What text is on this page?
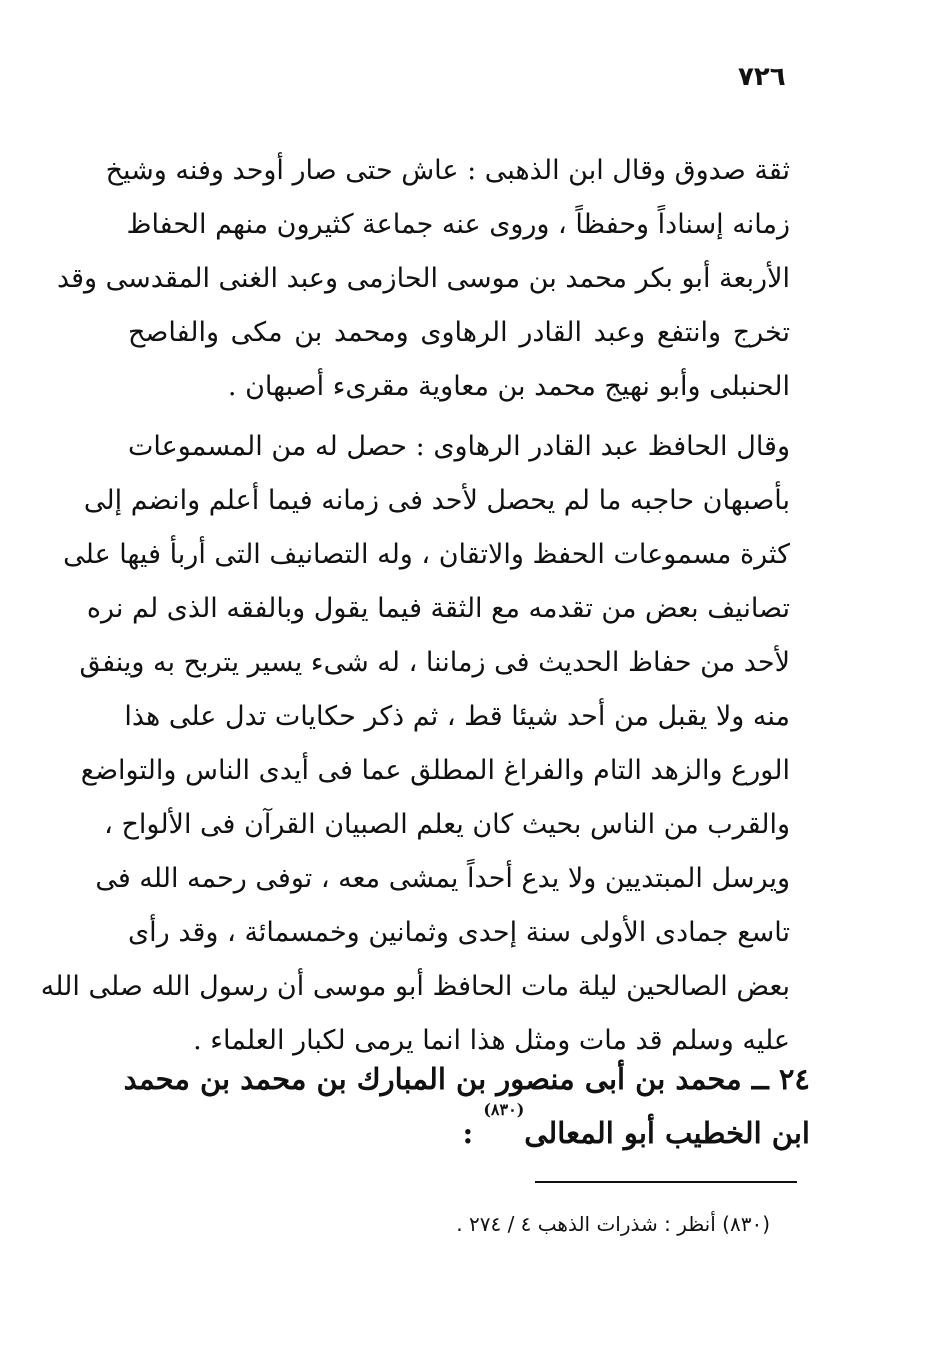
٧٢٦
ثقة صدوق وقال ابن الذهبى : عاش حتى صار أوحد وفنه وشيخ
زمانه إسناداً وحفظاً ، وروى عنه جماعة كثيرون منهم الحفاظ
الأربعة أبو بكر محمد بن موسى الحازمى وعبد الغنى المقدسى وقد
تخرج وانتفع وعبد القادر الرهاوى ومحمد بن مكى والفاصح
الحنبلى وأبو نهيج محمد بن معاوية مقرىء أصبهان .
وقال الحافظ عبد القادر الرهاوى : حصل له من المسموعات
بأصبهان حاجبه ما لم يحصل لأحد فى زمانه فيما أعلم وانضم إلى
كثرة مسموعات الحفظ والاتقان ، وله التصانيف التى أربأ فيها على
تصانيف بعض من تقدمه مع الثقة فيما يقول وبالفقه الذى لم نره
لأحد من حفاظ الحديث فى زماننا ، له شىء يسير يتربح به وينفق
منه ولا يقبل من أحد شيئا قط ، ثم ذكر حكايات تدل على هذا
الورع والزهد التام والفراغ المطلق عما فى أيدى الناس والتواضع
والقرب من الناس بحيث كان يعلم الصبيان القرآن فى الألواح ،
ويرسل المبتديين ولا يدع أحداً يمشى معه ، توفى رحمه الله فى
تاسع جمادى الأولى سنة إحدى وثمانين وخمسمائة ، وقد رأى
بعض الصالحين ليلة مات الحافظ أبو موسى أن رسول الله صلى الله
عليه وسلم قد مات ومثل هذا انما يرمى لكبار العلماء .
٢٤ ــ محمد بن أبى منصور بن المبارك بن محمد بن محمد
ابن الخطيب أبو المعالى$^{(٨٣٠)}$ :
(٨٣٠) أنظر : شذرات الذهب ٤ / ٢٧٤ .
